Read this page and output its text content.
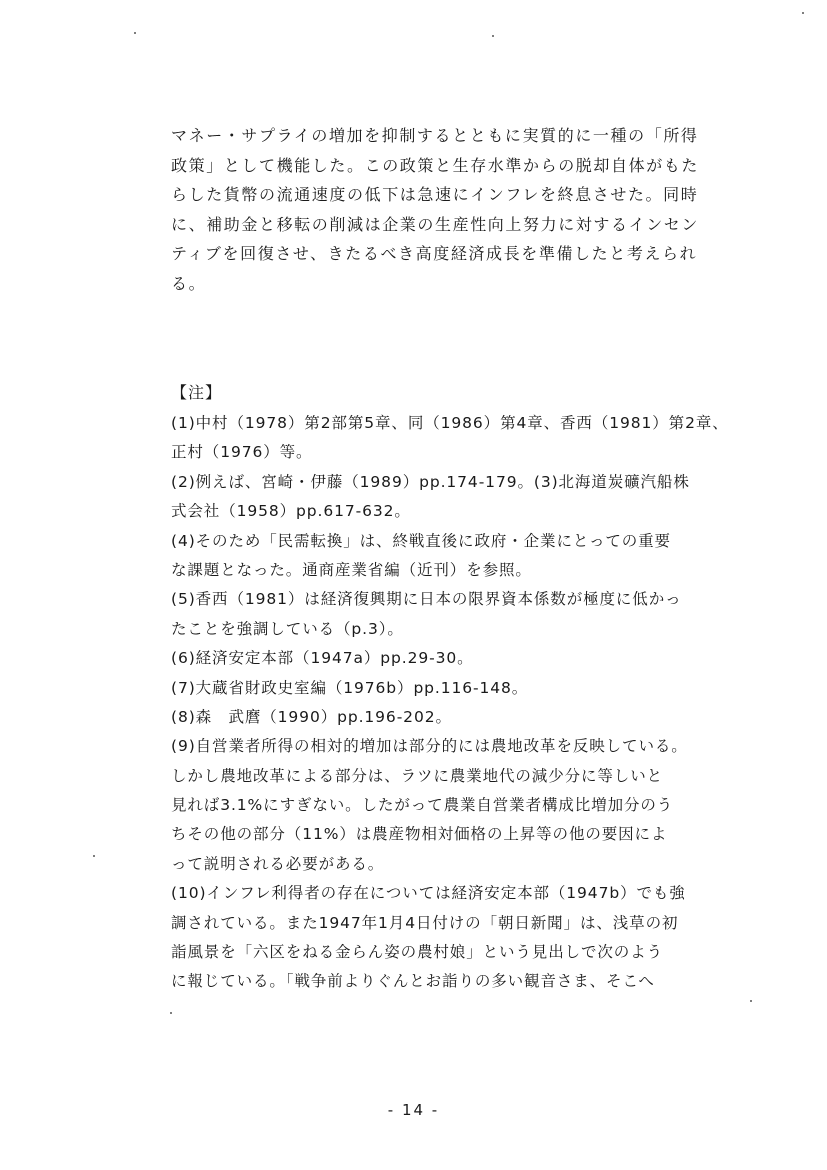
マネー・サプライの増加を抑制するとともに実質的に一種の「所得
政策」として機能した。この政策と生存水準からの脱却自体がもた
らした貨幣の流通速度の低下は急速にインフレを終息させた。同時
に、補助金と移転の削減は企業の生産性向上努力に対するインセン
ティブを回復させ、きたるべき高度経済成長を準備したと考えられ
る。
【注】
(1)中村（1978）第2部第5章、同（1986）第4章、香西（1981）第2章、
正村（1976）等。
(2)例えば、宮崎・伊藤（1989）pp.174-179。(3)北海道炭礦汽船株
式会社（1958）pp.617-632。
(4)そのため「民需転換」は、終戦直後に政府・企業にとっての重要
な課題となった。通商産業省編（近刊）を参照。
(5)香西（1981）は経済復興期に日本の限界資本係数が極度に低かっ
たことを強調している（p.3）。
(6)経済安定本部（1947a）pp.29-30。
(7)大蔵省財政史室編（1976b）pp.116-148。
(8)森　武麿（1990）pp.196-202。
(9)自営業者所得の相対的増加は部分的には農地改革を反映している。
しかし農地改革による部分は、ラツに農業地代の減少分に等しいと
見れば3.1%にすぎない。したがって農業自営業者構成比増加分のう
ちその他の部分（11%）は農産物相対価格の上昇等の他の要因によ
って説明される必要がある。
(10)インフレ利得者の存在については経済安定本部（1947b）でも強
調されている。また1947年1月4日付けの「朝日新聞」は、浅草の初
詣風景を「六区をねる金らん姿の農村娘」という見出しで次のよう
に報じている。「戦争前よりぐんとお詣りの多い観音さま、そこへ
- 14 -
